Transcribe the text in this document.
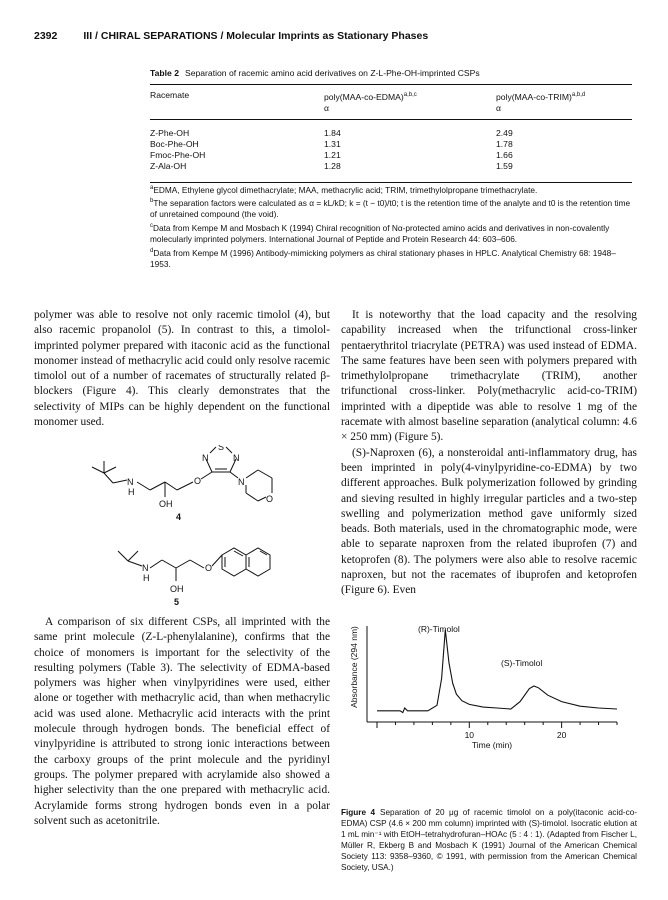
2392 III / CHIRAL SEPARATIONS / Molecular Imprints as Stationary Phases

Table 2 Separation of racemic amino acid derivatives on Z-L-Phe-OH-imprinted CSPs

Racemate	poly(MAA-co-EDMA)$^{a,b,c}$	poly(MAA-co-TRIM)$^{a,b,d}$
	α	α
Z-Phe-OH	1.84	2.49
Boc-Phe-OH	1.31	1.78
Fmoc-Phe-OH	1.21	1.66
Z-Ala-OH	1.28	1.59

$^a$EDMA, Ethylene glycol dimethacrylate; MAA, methacrylic acid; TRIM, trimethylolpropane trimethacrylate.

$^b$The separation factors were calculated as α = kL/kD; k = (t − t0)/t0; t is the retention time of the analyte and t0 is the retention time of unretained compound (the void).

$^c$Data from Kempe M and Mosbach K (1994) Chiral recognition of Nα-protected amino acids and derivatives in non-covalently molecularly imprinted polymers. International Journal of Peptide and Protein Research 44: 603–606.

$^d$Data from Kempe M (1996) Antibody-mimicking polymers as chiral stationary phases in HPLC. Analytical Chemistry 68: 1948–1953.

polymer was able to resolve not only racemic timolol (4), but also racemic propanolol (5). In contrast to this, a timolol-imprinted polymer prepared with itaconic acid as the functional monomer instead of methacrylic acid could only resolve racemic timolol out of a number of racemates of structurally related β-blockers (Figure 4). This clearly demonstrates that the selectivity of MIPs can be highly dependent on the functional monomer used.

N
H
OH
O	N
S
N	N
O
4
N
H
OH
O
5

A comparison of six different CSPs, all imprinted with the same print molecule (Z-L-phenylalanine), confirms that the choice of monomers is important for the selectivity of the resulting polymers (Table 3). The selectivity of EDMA-based polymers was higher when vinylpyridines were used, either alone or together with methacrylic acid, than when methacrylic acid was used alone. Methacrylic acid interacts with the print molecule through hydrogen bonds. The beneficial effect of vinylpyridine is attributed to strong ionic interactions between the carboxy groups of the print molecule and the pyridinyl groups. The polymer prepared with acrylamide also showed a higher selectivity than the one prepared with methacrylic acid. Acrylamide forms strong hydrogen bonds even in a polar solvent such as acetonitrile.

It is noteworthy that the load capacity and the resolving capability increased when the trifunctional cross-linker pentaerythritol triacrylate (PETRA) was used instead of EDMA. The same features have been seen with polymers prepared with trimethylolpropane trimethacrylate (TRIM), another trifunctional cross-linker. Poly(methacrylic acid-co-TRIM) imprinted with a dipeptide was able to resolve 1 mg of the racemate with almost baseline separation (analytical column: 4.6 × 250 mm) (Figure 5).

(S)-Naproxen (6), a nonsteroidal anti-inflammatory drug, has been imprinted in poly(4-vinylpyridine-co-EDMA) by two different approaches. Bulk polymerization followed by grinding and sieving resulted in highly irregular particles and a two-step swelling and polymerization method gave uniformly sized beads. Both materials, used in the chromatographic mode, were able to separate naproxen from the related ibuprofen (7) and ketoprofen (8). The polymers were also able to resolve racemic naproxen, but not the racemates of ibuprofen and ketoprofen (Figure 6). Even

Absorbance (294 nm)
Time (min)
(R)-Timolol
(S)-Timolol
10	20
Figure 4 Separation of 20 μg of racemic timolol on a poly(itaconic acid-co-EDMA) CSP (4.6 × 200 mm column) imprinted with (S)-timolol. Isocratic elution at 1 mL min⁻¹ with EtOH–tetrahydrofuran–HOAc (5 : 4 : 1). (Adapted from Fischer L, Müller R, Ekberg B and Mosbach K (1991) Journal of the American Chemical Society 113: 9358–9360, © 1991, with permission from the American Chemical Society, USA.)
